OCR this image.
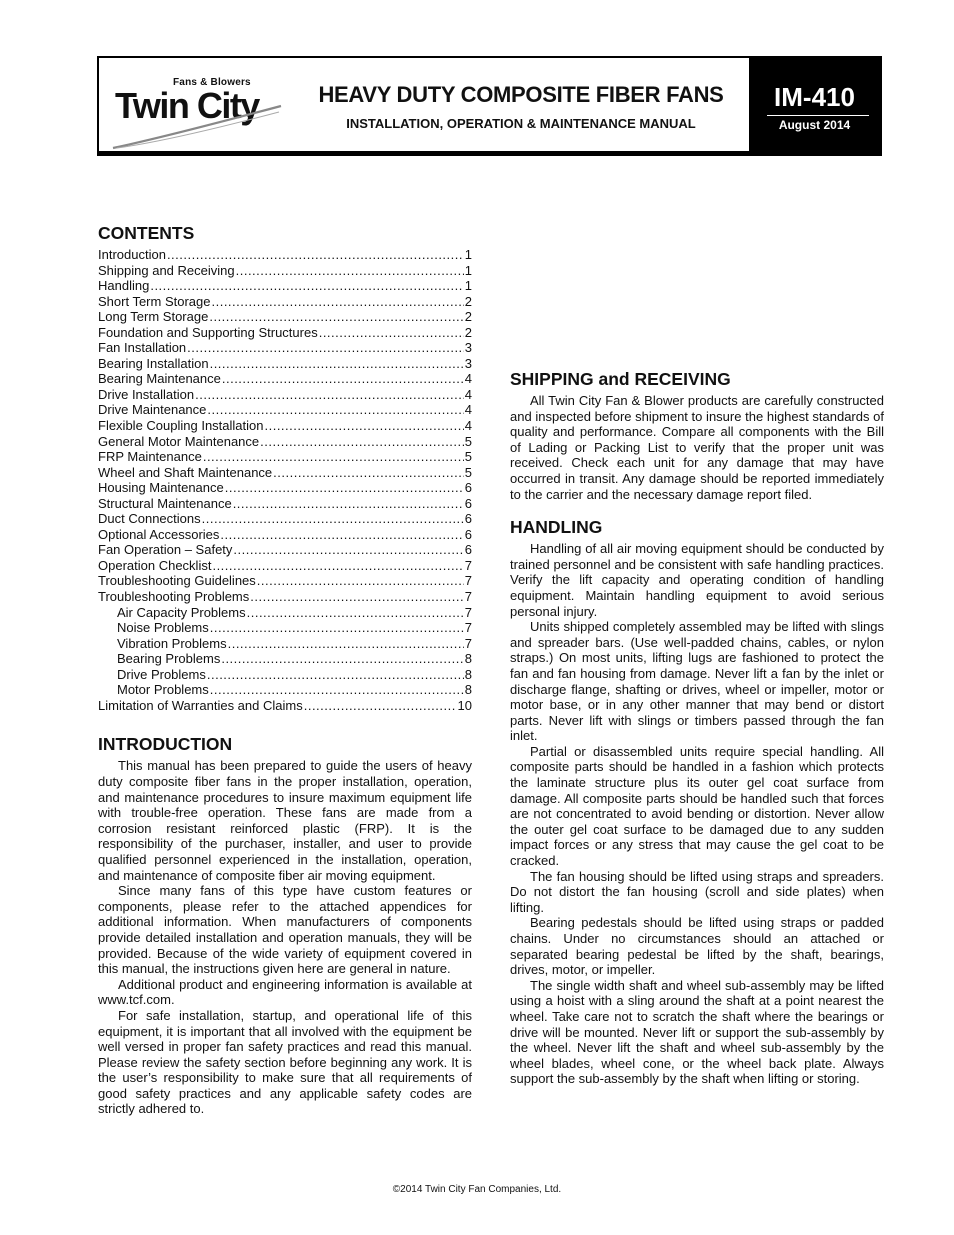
Fans & Blowers
Twin City	HEAVY DUTY COMPOSITE FIBER FANS
INSTALLATION, OPERATION & MAINTENANCE MANUAL
IM-410
August 2014
CONTENTS
Introduction .....	1
Shipping and Receiving .....	1
Handling .....	1
Short Term Storage .....	2
Long Term Storage .....	2
Foundation and Supporting Structures .....	2
Fan Installation .....	3
Bearing Installation .....	3
Bearing Maintenance .....	4
Drive Installation .....	4
Drive Maintenance .....	4
Flexible Coupling Installation .....	4
General Motor Maintenance .....	5
FRP Maintenance .....	5
Wheel and Shaft Maintenance .....	5
Housing Maintenance .....	6
Structural Maintenance .....	6
Duct Connections .....	6
Optional Accessories .....	6
Fan Operation – Safety .....	6
Operation Checklist .....	7
Troubleshooting Guidelines .....	7
Troubleshooting Problems .....	7
Air Capacity Problems .....	7
Noise Problems .....	7
Vibration Problems .....	7
Bearing Problems .....	8
Drive Problems .....	8
Motor Problems .....	8
Limitation of Warranties and Claims .....	10
INTRODUCTION

This manual has been prepared to guide the users of heavy duty composite fiber fans in the proper installation, operation, and maintenance procedures to insure maximum equipment life with trouble-free operation. These fans are made from a corrosion resistant reinforced plastic (FRP). It is the responsibility of the purchaser, installer, and user to provide qualified personnel experienced in the installation, operation, and maintenance of composite fiber air moving equipment.

Since many fans of this type have custom features or components, please refer to the attached appendices for additional information. When manufacturers of components provide detailed installation and operation manuals, they will be provided. Because of the wide variety of equipment covered in this manual, the instructions given here are general in nature.

Additional product and engineering information is available at www.tcf.com.

For safe installation, startup, and operational life of this equipment, it is important that all involved with the equipment be well versed in proper fan safety practices and read this manual. Please review the safety section before beginning any work. It is the user’s responsibility to make sure that all requirements of good safety practices and any applicable safety codes are strictly adhered to.

SHIPPING and RECEIVING

All Twin City Fan & Blower products are carefully constructed and inspected before shipment to insure the highest standards of quality and performance. Compare all components with the Bill of Lading or Packing List to verify that the proper unit was received. Check each unit for any damage that may have occurred in transit. Any damage should be reported immediately to the carrier and the necessary damage report filed.

HANDLING

Handling of all air moving equipment should be conducted by trained personnel and be consistent with safe handling practices. Verify the lift capacity and operating condition of handling equipment. Maintain handling equipment to avoid serious personal injury.

Units shipped completely assembled may be lifted with slings and spreader bars. (Use well-padded chains, cables, or nylon straps.) On most units, lifting lugs are fashioned to protect the fan and fan housing from damage. Never lift a fan by the inlet or discharge flange, shafting or drives, wheel or impeller, motor or motor base, or in any other manner that may bend or distort parts. Never lift with slings or timbers passed through the fan inlet.

Partial or disassembled units require special handling. All composite parts should be handled in a fashion which protects the laminate structure plus its outer gel coat surface from damage. All composite parts should be handled such that forces are not concentrated to avoid bending or distortion. Never allow the outer gel coat surface to be damaged due to any sudden impact forces or any stress that may cause the gel coat to be cracked.

The fan housing should be lifted using straps and spreaders. Do not distort the fan housing (scroll and side plates) when lifting.

Bearing pedestals should be lifted using straps or padded chains. Under no circumstances should an attached or separated bearing pedestal be lifted by the shaft, bearings, drives, motor, or impeller.

The single width shaft and wheel sub-assembly may be lifted using a hoist with a sling around the shaft at a point nearest the wheel. Take care not to scratch the shaft where the bearings or drive will be mounted. Never lift or support the sub-assembly by the wheel. Never lift the shaft and wheel sub-assembly by the wheel blades, wheel cone, or the wheel back plate. Always support the sub-assembly by the shaft when lifting or storing.

©2014 Twin City Fan Companies, Ltd.
